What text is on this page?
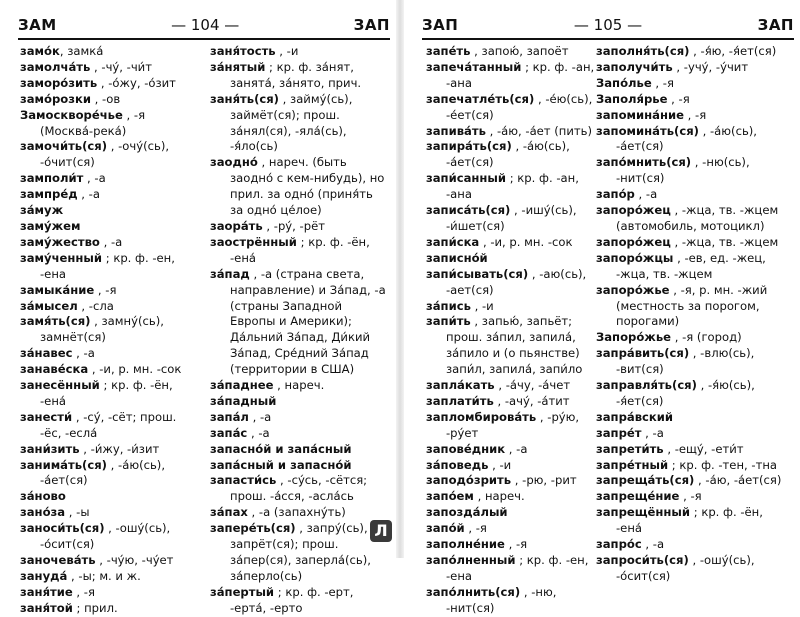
ЗАМ	— 104 —	ЗАП

замо́к, замка́

замолча́ть , -чу́, -чи́т

заморо́зить , -о́жу, -о́зит

замо́розки , -ов

Замоскворе́чье , -я (Москва́-река́)

замочи́ть(ся) , -очу́(сь), -о́чит(ся)

замполи́т , -а

зампре́д , -а

за́муж

заму́жем

заму́жество , -а

заму́ченный ; кр. ф. -ен, -ена

замыка́ние , -я

за́мысел , -сла

замя́ть(ся) , замну́(сь), замнёт(ся)

за́навес , -а

занаве́ска , -и, р. мн. -сок

занесённый ; кр. ф. -ён, -ена́

занести́ , -су́, -сёт; прош. -ёс, -есла́

зани́зить , -и́жу, -и́зит

занима́ть(ся) , -а́ю(сь), -а́ет(ся)

за́ново

зано́за , -ы

заноси́ть(ся) , -ошу́(сь), -о́сит(ся)

заночева́ть , -чу́ю, -чу́ет

зануда́ , -ы; м. и ж.

заня́тие , -я

заня́той ; прил.

заня́тость , -и

за́нятый ; кр. ф. за́нят, занята́, за́нято, прич.

заня́ть(ся) , займу́(сь), займёт(ся); прош. за́нял(ся), -яла́(сь), -я́ло(сь)

заодно́ , нареч. (быть заодно́ с кем-нибудь), но прил. за одно́ (приня́ть за одно́ це́лое)

заора́ть , -ру́, -рёт

заострённый ; кр. ф. -ён, -ена́

за́пад , -а (страна света, направление) и За́пад, -а (страны Западной Европы и Америки); Да́льний За́пад, Ди́кий За́пад, Сре́дний За́пад (территории в США)

за́паднее , нареч.

за́падный

запа́л , -а

запа́с , -а

запасно́й и запа́сный

запа́сный и запасно́й

запасти́сь , -су́сь, -сётся; прош. -а́сся, -асла́сь

за́пах , -а (запахну́ть)

запере́ть(ся) , запру́(сь), запрёт(ся); прош. за́пер(ся), заперла́(сь), за́перло(сь)

за́пертый ; кр. ф. -ерт, -ерта́, -ерто

ЗАП	— 105 —	ЗАП

запе́ть , запою́, запоёт

запеча́танный ; кр. ф. -ан, -ана

запечатле́ть(ся) , -е́ю(сь), -е́ет(ся)

запива́ть , -а́ю, -а́ет (пить)

запира́ть(ся) , -а́ю(сь), -а́ет(ся)

запи́санный ; кр. ф. -ан, -ана

записа́ть(ся) , -ишу́(сь), -и́шет(ся)

запи́ска , -и, р. мн. -сок

записно́й

запи́сывать(ся) , -аю(сь), -ает(ся)

за́пись , -и

запи́ть , запью́, запьёт; прош. за́пил, запила́, за́пило и (о пьянстве) запи́л, запила́, запи́ло

запла́кать , -а́чу, -а́чет

заплати́ть , -ачу́, -а́тит

запломбирова́ть , -ру́ю, -ру́ет

запове́дник , -а

за́поведь , -и

заподо́зрить , -рю, -рит

запо́ем , нареч.

запозда́лый

запо́й , -я

заполне́ние , -я

запо́лненный ; кр. ф. -ен, -ена

запо́лнить(ся) , -ню, -нит(ся)

заполня́ть(ся) , -я́ю, -я́ет(ся)

заполучи́ть , -учу́, -у́чит

Запо́лье , -я

Заполя́рье , -я

запомина́ние , -я

запомина́ть(ся) , -а́ю(сь), -а́ет(ся)

запо́мнить(ся) , -ню(сь), -нит(ся)

запо́р , -а

запоро́жец , -жца, тв. -жцем (автомобиль, мотоцикл)

запоро́жец , -жца, тв. -жцем

запоро́жцы , -ев, ед. -жец, -жца, тв. -жцем

запоро́жье , -я, р. мн. -жий (местность за порогом, порогами)

Запоро́жье , -я (город)

запра́вить(ся) , -влю(сь), -вит(ся)

заправля́ть(ся) , -я́ю(сь), -я́ет(ся)

запра́вский

запре́т , -а

запрети́ть , -ещу́, -ети́т

запре́тный ; кр. ф. -тен, -тна

запреща́ть(ся) , -а́ю, -а́ет(ся)

запреще́ние , -я

запрещённый ; кр. ф. -ён, -ена́

запро́с , -а

запроси́ть(ся) , -ошу́(сь), -о́сит(ся)

Л
